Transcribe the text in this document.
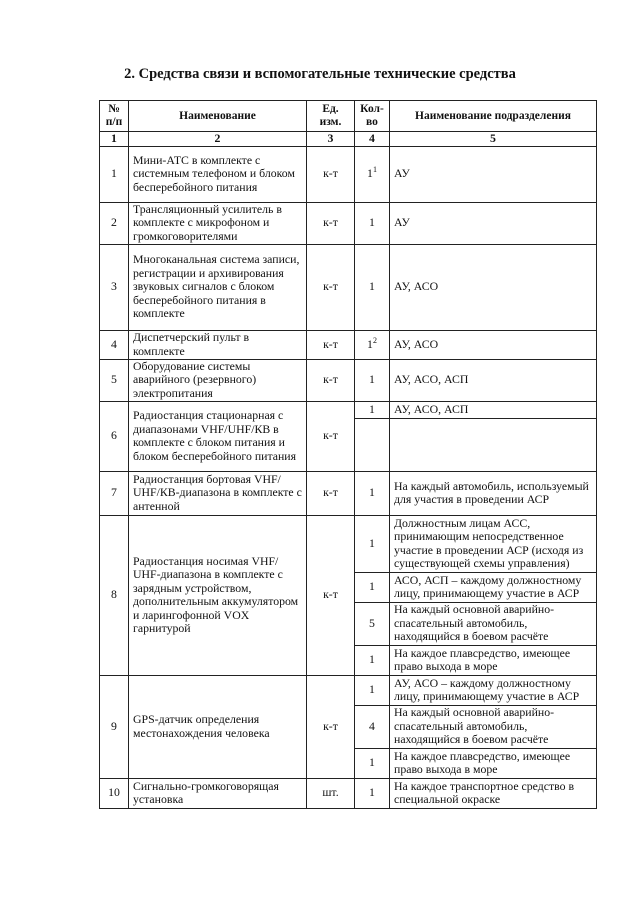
2. Средства связи и вспомогательные технические средства
№ п/п	Наименование	Ед. изм.	Кол-во	Наименование подразделения
1	2	3	4	5
1	Мини-АТС в комплекте с системным телефоном и блоком бесперебойного питания	к-т	$1^1$	АУ
2	Трансляционный усилитель в комплекте с микрофоном и громкоговорителями	к-т	1	АУ
3	Многоканальная система записи, регистрации и архивирования звуковых сигналов с блоком бесперебойного питания в комплекте	к-т	1	АУ, АСО
4	Диспетчерский пульт в комплекте	к-т	$1^2$	АУ, АСО
5	Оборудование системы аварийного (резервного) электропитания	к-т	1	АУ, АСО, АСП
6	Радиостанция стационарная с диапазонами VHF/UHF/КВ в комплекте с блоком питания и блоком бесперебойного питания	к-т	1	АУ, АСО, АСП

7	Радиостанция бортовая VHF/ UHF/КВ-диапазона в комплекте с антенной	к-т	1	На каждый автомобиль, используемый для участия в проведении АСР
8	Радиостанция носимая VHF/ UHF-диапазона в комплекте с зарядным устройством, дополнительным аккумулятором и ларингофонной VOX гарнитурой	к-т	1	Должностным лицам АСС, принимающим непосредственное участие в проведении АСР (исходя из существующей схемы управления)
			1	АСО, АСП – каждому должностному лицу, принимающему участие в АСР
			5	На каждый основной аварийно-спасательный автомобиль, находящийся в боевом расчёте
			1	На каждое плавсредство, имеющее право выхода в море
9	GPS-датчик определения местонахождения человека	к-т	1	АУ, АСО – каждому должностному лицу, принимающему участие в АСР
			4	На каждый основной аварийно-спасательный автомобиль, находящийся в боевом расчёте
			1	На каждое плавсредство, имеющее право выхода в море
10	Сигнально-громкоговорящая установка	шт.	1	На каждое транспортное средство в специальной окраске
